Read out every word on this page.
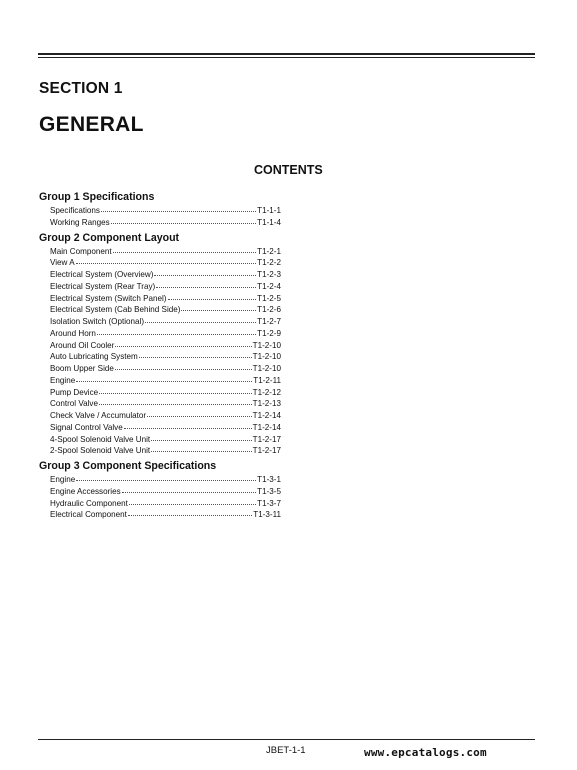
SECTION 1
GENERAL
CONTENTS
Group 1 Specifications
Specifications	T1-1-1
Working Ranges	T1-1-4
Group 2 Component Layout
Main Component	T1-2-1
View A	T1-2-2
Electrical System (Overview)	T1-2-3
Electrical System (Rear Tray)	T1-2-4
Electrical System (Switch Panel)	T1-2-5
Electrical System (Cab Behind Side)	T1-2-6
Isolation Switch (Optional)	T1-2-7
Around Horn	T1-2-9
Around Oil Cooler	T1-2-10
Auto Lubricating System	T1-2-10
Boom Upper Side	T1-2-10
Engine	T1-2-11
Pump Device	T1-2-12
Control Valve	T1-2-13
Check Valve / Accumulator	T1-2-14
Signal Control Valve	T1-2-14
4-Spool Solenoid Valve Unit	T1-2-17
2-Spool Solenoid Valve Unit	T1-2-17
Group 3 Component Specifications
Engine	T1-3-1
Engine Accessories	T1-3-5
Hydraulic Component	T1-3-7
Electrical Component	T1-3-11
JBET-1-1	www.epcatalogs.com
